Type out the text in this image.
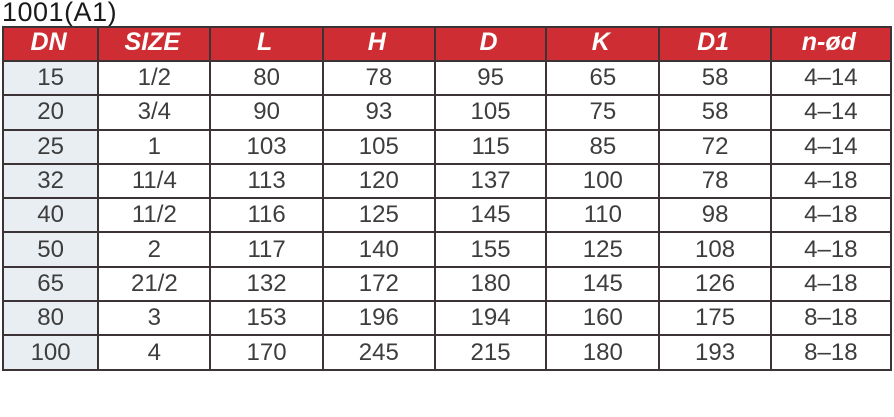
1001(A1)
DN	SIZE	L	H	D	K	D1	n-ød
15	1/2	80	78	95	65	58	4–14
20	3/4	90	93	105	75	58	4–14
25	1	103	105	115	85	72	4–14
32	11/4	113	120	137	100	78	4–18
40	11/2	116	125	145	110	98	4–18
50	2	117	140	155	125	108	4–18
65	21/2	132	172	180	145	126	4–18
80	3	153	196	194	160	175	8–18
100	4	170	245	215	180	193	8–18
